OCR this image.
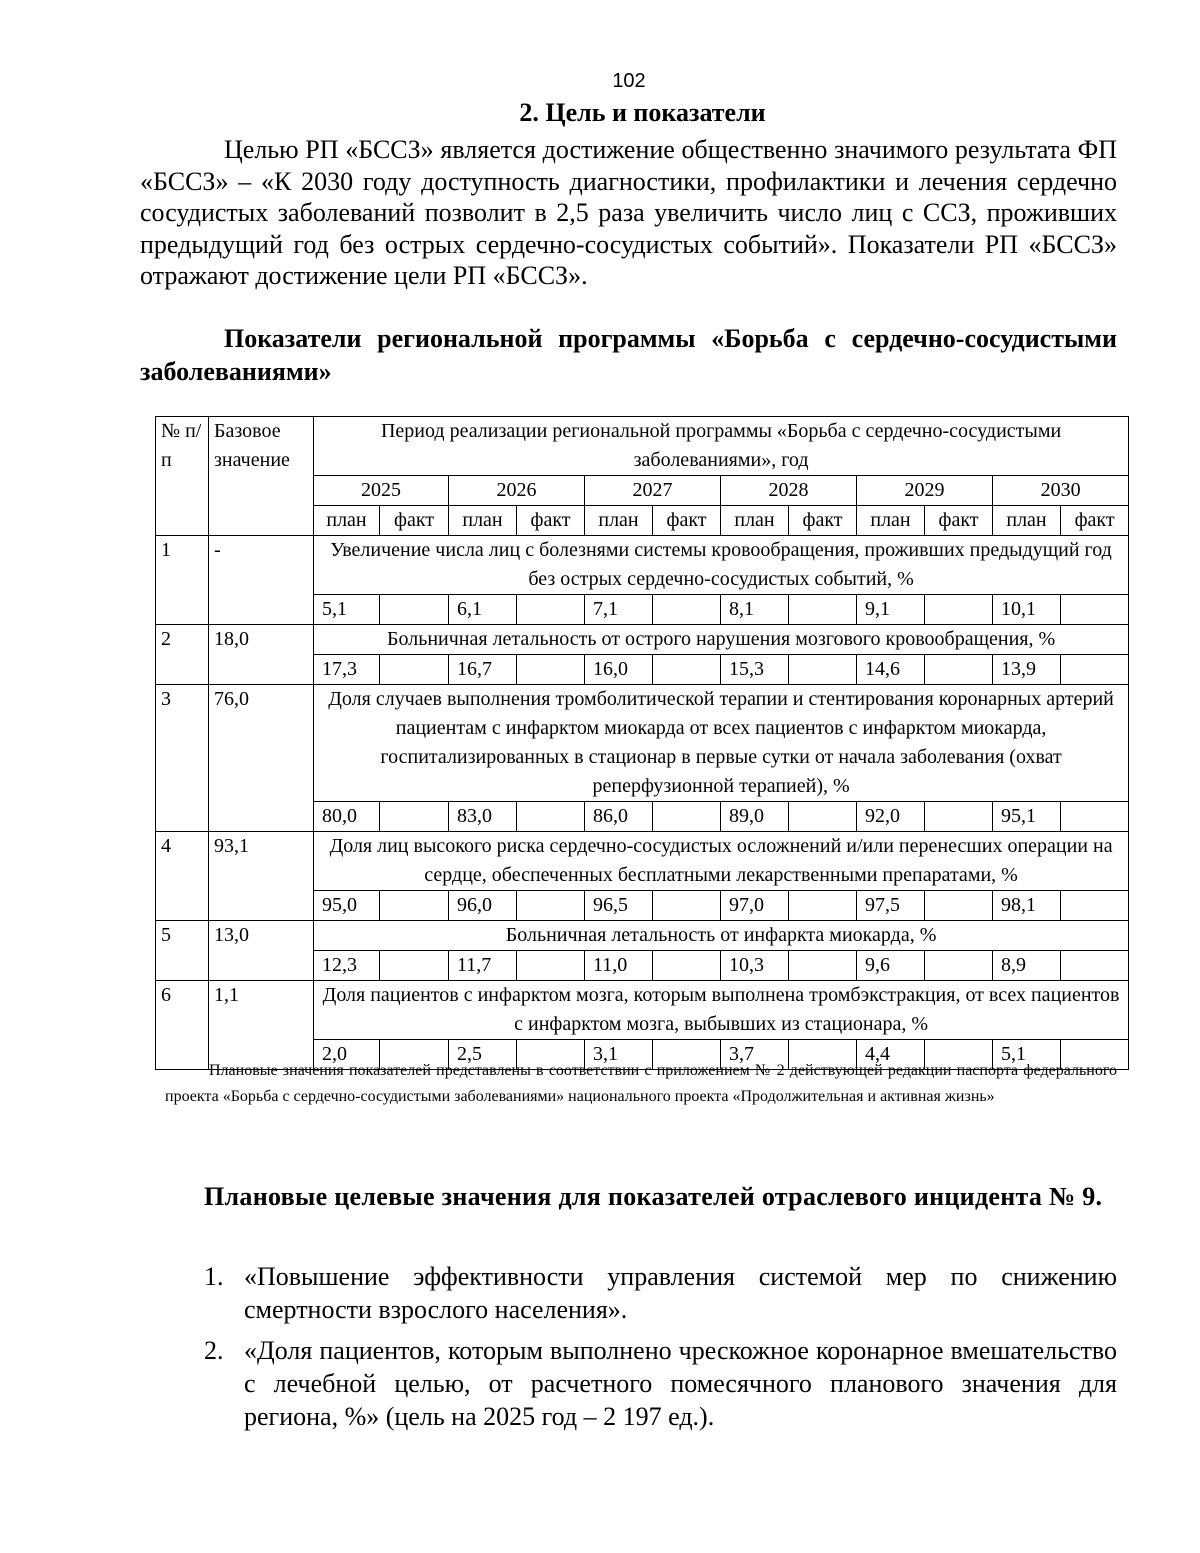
102
2. Цель и показатели

Целью РП «БССЗ» является достижение общественно значимого результата ФП «БССЗ» – «К 2030 году доступность диагностики, профилактики и лечения сердечно сосудистых заболеваний позволит в 2,5 раза увеличить число лиц с ССЗ, проживших предыдущий год без острых сердечно-сосудистых событий». Показатели РП «БССЗ» отражают достижение цели РП «БССЗ».

Показатели региональной программы «Борьба с сердечно-сосудистыми заболеваниями»

№ п/п	Базовое значение	Период реализации региональной программы «Борьба с сердечно-сосудистыми заболеваниями», год											
		2025		2026		2027		2028		2029		2030	
		план	факт	план	факт	план	факт	план	факт	план	факт	план	факт
1	-	Увеличение числа лиц с болезнями системы кровообращения, проживших предыдущий год без острых сердечно-сосудистых событий, %											
		5,1		6,1		7,1		8,1		9,1		10,1	
2	18,0	Больничная летальность от острого нарушения мозгового кровообращения, %											
		17,3		16,7		16,0		15,3		14,6		13,9	
3	76,0	Доля случаев выполнения тромболитической терапии и стентирования коронарных артерий пациентам с инфарктом миокарда от всех пациентов с инфарктом миокарда, госпитализированных в стационар в первые сутки от начала заболевания (охват реперфузионной терапией), %											
		80,0		83,0		86,0		89,0		92,0		95,1	
4	93,1	Доля лиц высокого риска сердечно-сосудистых осложнений и/или перенесших операции на сердце, обеспеченных бесплатными лекарственными препаратами, %											
		95,0		96,0		96,5		97,0		97,5		98,1	
5	13,0	Больничная летальность от инфаркта миокарда, %											
		12,3		11,7		11,0		10,3		9,6		8,9	
6	1,1	Доля пациентов с инфарктом мозга, которым выполнена тромбэкстракция, от всех пациентов с инфарктом мозга, выбывших из стационара, %											
		2,0		2,5		3,1		3,7		4,4		5,1	

Плановые значения показателей представлены в соответствии с приложением № 2 действующей редакции паспорта федерального проекта «Борьба с сердечно-сосудистыми заболеваниями» национального проекта «Продолжительная и активная жизнь»

Плановые целевые значения для показателей отраслевого инцидента № 9.

1. «Повышение эффективности управления системой мер по снижению смертности взрослого населения».
2. «Доля пациентов, которым выполнено чрескожное коронарное вмешательство с лечебной целью, от расчетного помесячного планового значения для региона, %» (цель на 2025 год – 2 197 ед.).
